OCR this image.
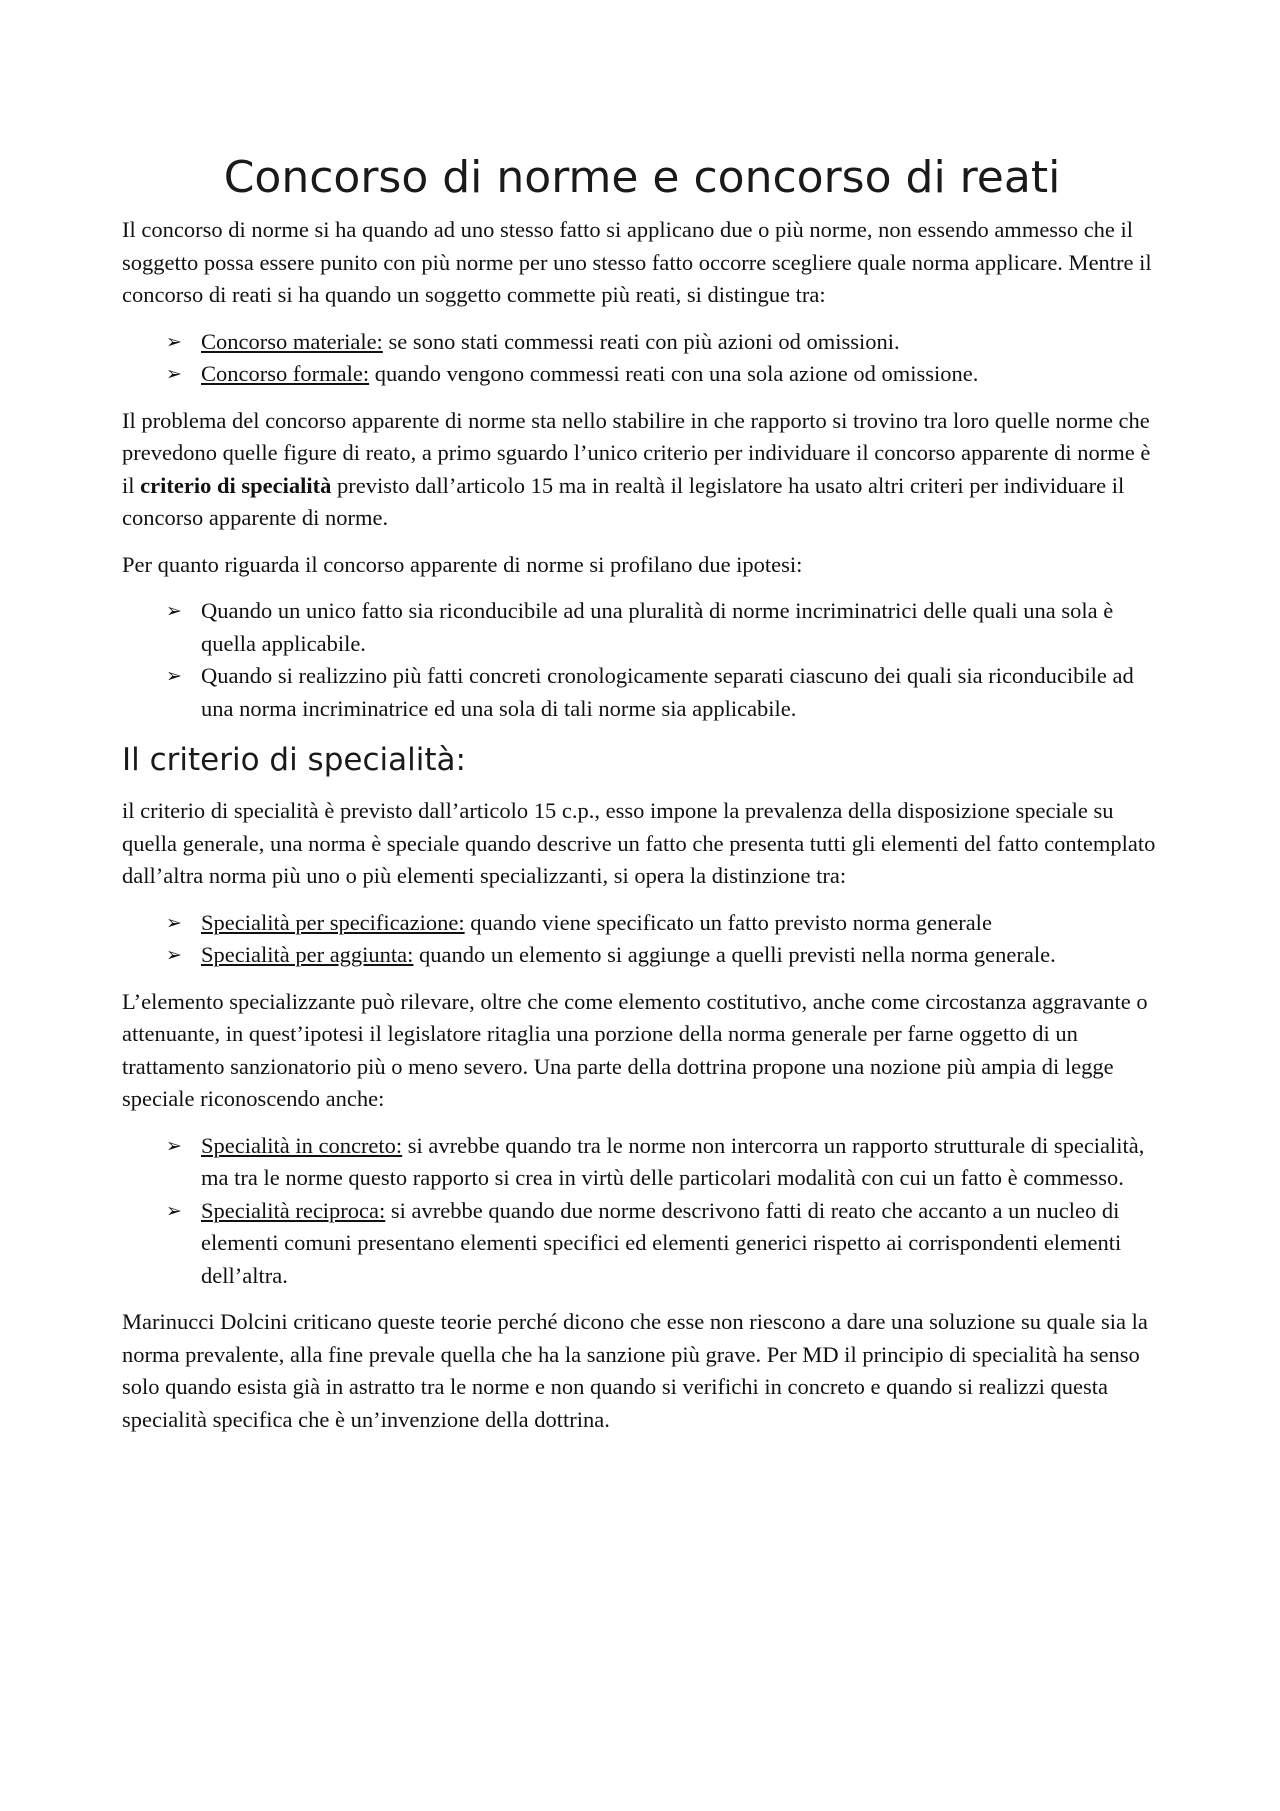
Concorso di norme e concorso di reati

Il concorso di norme si ha quando ad uno stesso fatto si applicano due o più norme, non essendo ammesso che il soggetto possa essere punito con più norme per uno stesso fatto occorre scegliere quale norma applicare. Mentre il concorso di reati si ha quando un soggetto commette più reati, si distingue tra:

➢ Concorso materiale: se sono stati commessi reati con più azioni od omissioni.
➢ Concorso formale: quando vengono commessi reati con una sola azione od omissione.

Il problema del concorso apparente di norme sta nello stabilire in che rapporto si trovino tra loro quelle norme che prevedono quelle figure di reato, a primo sguardo l’unico criterio per individuare il concorso apparente di norme è il criterio di specialità previsto dall’articolo 15 ma in realtà il legislatore ha usato altri criteri per individuare il concorso apparente di norme.

Per quanto riguarda il concorso apparente di norme si profilano due ipotesi:

➢ Quando un unico fatto sia riconducibile ad una pluralità di norme incriminatrici delle quali una sola è quella applicabile.
➢ Quando si realizzino più fatti concreti cronologicamente separati ciascuno dei quali sia riconducibile ad una norma incriminatrice ed una sola di tali norme sia applicabile.
Il criterio di specialità:

il criterio di specialità è previsto dall’articolo 15 c.p., esso impone la prevalenza della disposizione speciale su quella generale, una norma è speciale quando descrive un fatto che presenta tutti gli elementi del fatto contemplato dall’altra norma più uno o più elementi specializzanti, si opera la distinzione tra:

➢ Specialità per specificazione: quando viene specificato un fatto previsto norma generale
➢ Specialità per aggiunta: quando un elemento si aggiunge a quelli previsti nella norma generale.

L’elemento specializzante può rilevare, oltre che come elemento costitutivo, anche come circostanza aggravante o attenuante, in quest’ipotesi il legislatore ritaglia una porzione della norma generale per farne oggetto di un trattamento sanzionatorio più o meno severo. Una parte della dottrina propone una nozione più ampia di legge speciale riconoscendo anche:

➢ Specialità in concreto: si avrebbe quando tra le norme non intercorra un rapporto strutturale di specialità, ma tra le norme questo rapporto si crea in virtù delle particolari modalità con cui un fatto è commesso.
➢ Specialità reciproca: si avrebbe quando due norme descrivono fatti di reato che accanto a un nucleo di elementi comuni presentano elementi specifici ed elementi generici rispetto ai corrispondenti elementi dell’altra.

Marinucci Dolcini criticano queste teorie perché dicono che esse non riescono a dare una soluzione su quale sia la norma prevalente, alla fine prevale quella che ha la sanzione più grave. Per MD il principio di specialità ha senso solo quando esista già in astratto tra le norme e non quando si verifichi in concreto e quando si realizzi questa specialità specifica che è un’invenzione della dottrina.
